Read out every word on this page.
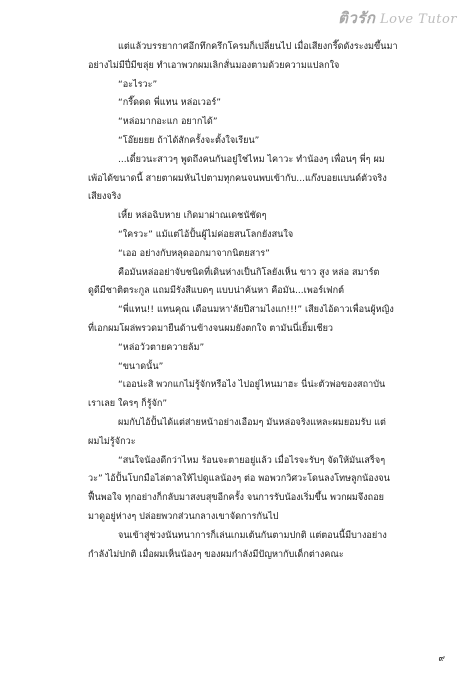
ติวรัก Love Tutor
แต่แล้วบรรยากาศอึกทึกครึกโครมก็เปลี่ยนไป เมื่อเสียงกรี๊ดดังระงมขึ้นมา
อย่างไม่มีปี่มีขลุ่ย ทำเอาพวกผมเลิกสั่นมองตามด้วยความแปลกใจ
“อะไรวะ”
“กรี๊ดดด พี่แทน หล่อเวอร์”
“หล่อมากอะแก อยากได้”
“โอ๊ยยยย ถ้าได้สักครั้งจะตั้งใจเรียน”
...เดี๋ยวนะสาวๆ พูดถึงคนกันอยู่ใช่ไหม ไคาวะ ทำน้องๆ เพื่อนๆ พี่ๆ ผม
เพ้อได้ขนาดนี้ สายตาผมหันไปตามทุกคนจนพบเข้ากับ...แก๊งบอยแบนด์ตัวจริง
เสียงจริง
เหี้ย หล่อฉิบหาย เกิดมาผ่าณเดชนัชัดๆ
“ใครวะ” แม้แต่ไอ้ปั้นผู้ไม่ค่อยสนโลกยังสนใจ
“เออ อย่างกับหลุดออกมาจากนิตยสาร”
คือมันหล่ออย่าจับชนิดที่เดินห่างเป็นกิโลยังเห็น ขาว สูง หล่อ สมาร์ต
ดูดีมีชาติตระกูล แถมมีรังสีแบดๆ แบบน่าค้นหา คือมัน...เพอร์เฟกต์
“พี่แทน!! แทนคุณ เดือนมหา'ลัยปีสามไงแก!!!” เสียงไอ้ดาวเพื่อนผู้หญิง
ที่เอกผมโผล่พรวดมายืนด้านข้างจนผมยังตกใจ ตามันนี่เยิ้มเชียว
“หล่อวัวตายควายล้ม”
“ขนาดนั้น”
“เออน่ะสิ พวกแกไม่รู้จักหรือไง ไปอยู่ไหนมาฮะ นี่น่ะตัวพ่อของสถาบัน
เราเลย ใครๆ ก็รู้จัก”
ผมกับไอ้ปั้นได้แต่ส่ายหน้าอย่างเอือมๆ มันหล่อจริงแหละผมยอมรับ แต่
ผมไม่รู้จักวะ
“สนใจน้องดีกว่าไหม ร้อนจะตายอยู่แล้ว เมื่อไรจะรับๆ จัดให้มันเสร็จๆ
วะ” ไอ้ปั้นโบกมือไล่ตาลให้ไปดูแลน้องๆ ต่อ พอพวกวิศวะโดนลงโทษลูกน้องจน
ฟื้นพอใจ ทุกอย่างก็กลับมาสงบสุขอีกครั้ง จนการรับน้องเริ่มขึ้น พวกผมจึงถอย
มาดูอยู่ห่างๆ ปล่อยพวกส่วนกลางเขาจัดการกันไป
จนเข้าสู่ช่วงนันทนาการก็เล่นเกมเต้นกันตามปกติ แต่ตอนนี้มีบางอย่าง
กำลังไม่ปกติ เมื่อผมเห็นน้องๆ ของผมกำลังมีปัญหากับเด็กต่างคณะ
๙
